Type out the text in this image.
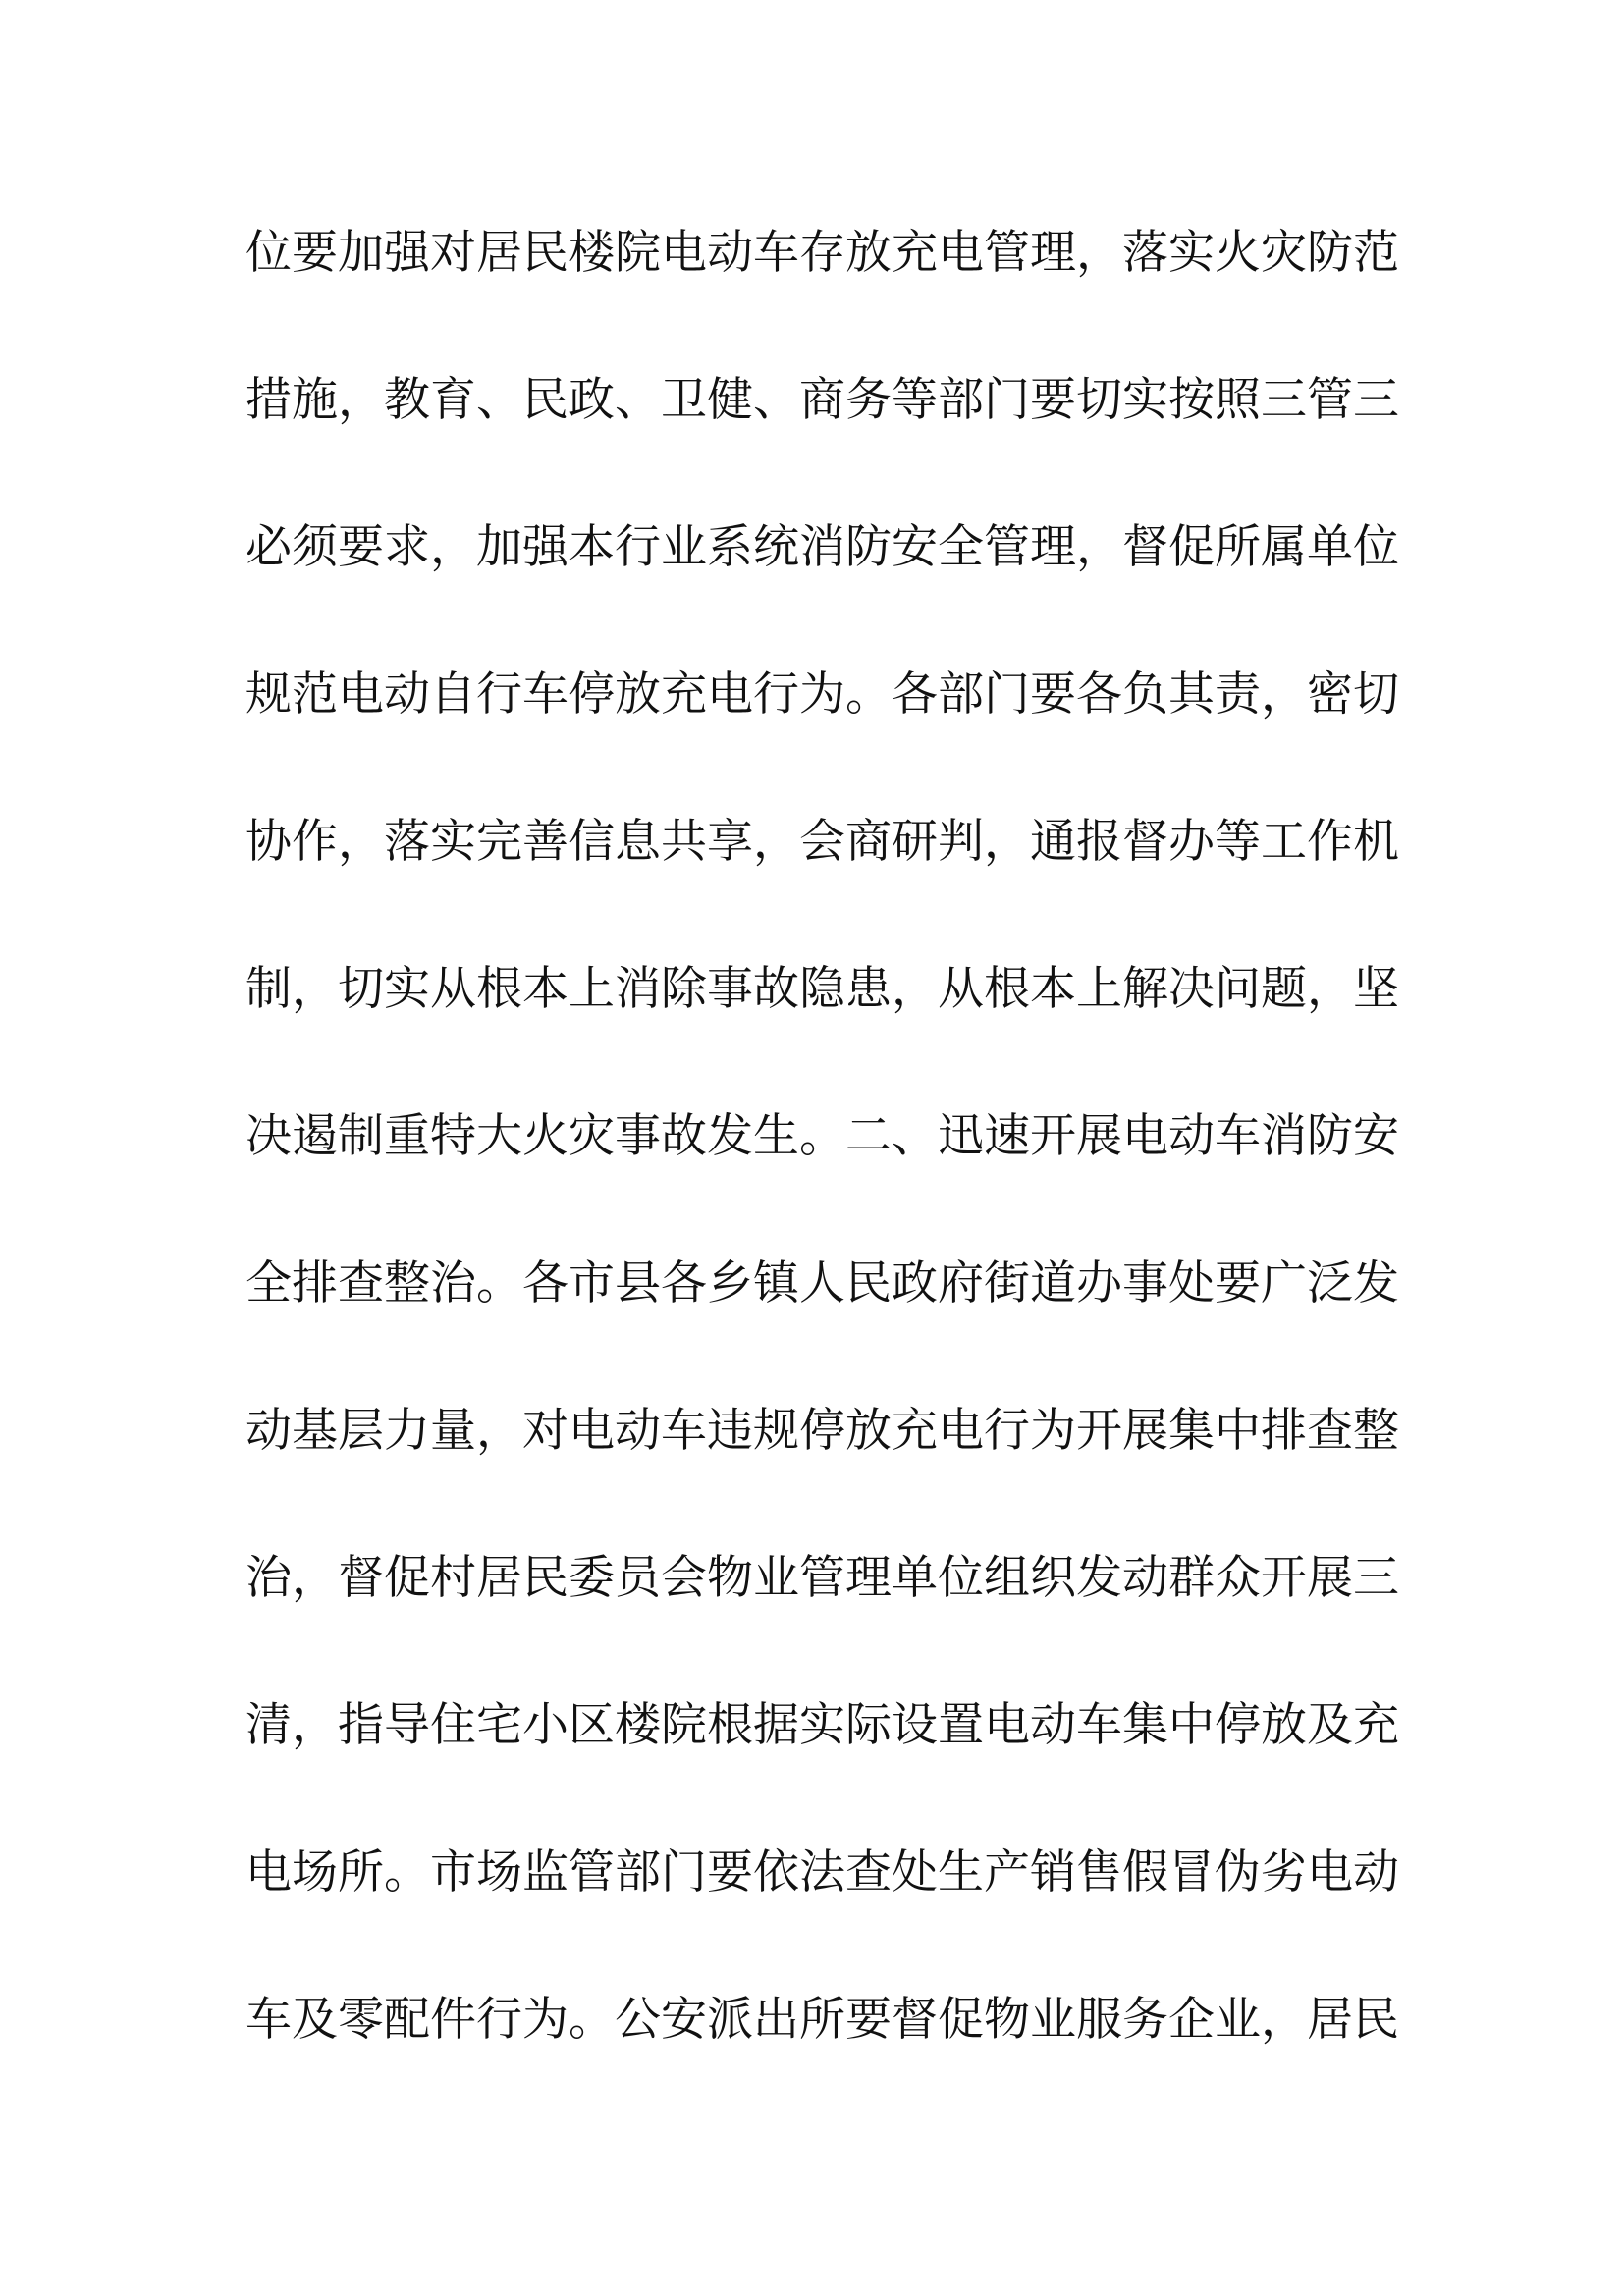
位要加强对居民楼院电动车存放充电管理，落实火灾防范
措施，教育、民政、卫健、商务等部门要切实按照三管三
必须要求，加强本行业系统消防安全管理，督促所属单位
规范电动自行车停放充电行为。各部门要各负其责，密切
协作，落实完善信息共享，会商研判，通报督办等工作机
制，切实从根本上消除事故隐患，从根本上解决问题，坚
决遏制重特大火灾事故发生。二、迅速开展电动车消防安
全排查整治。各市县各乡镇人民政府街道办事处要广泛发
动基层力量，对电动车违规停放充电行为开展集中排查整
治，督促村居民委员会物业管理单位组织发动群众开展三
清，指导住宅小区楼院根据实际设置电动车集中停放及充
电场所。市场监管部门要依法查处生产销售假冒伪劣电动
车及零配件行为。公安派出所要督促物业服务企业，居民
